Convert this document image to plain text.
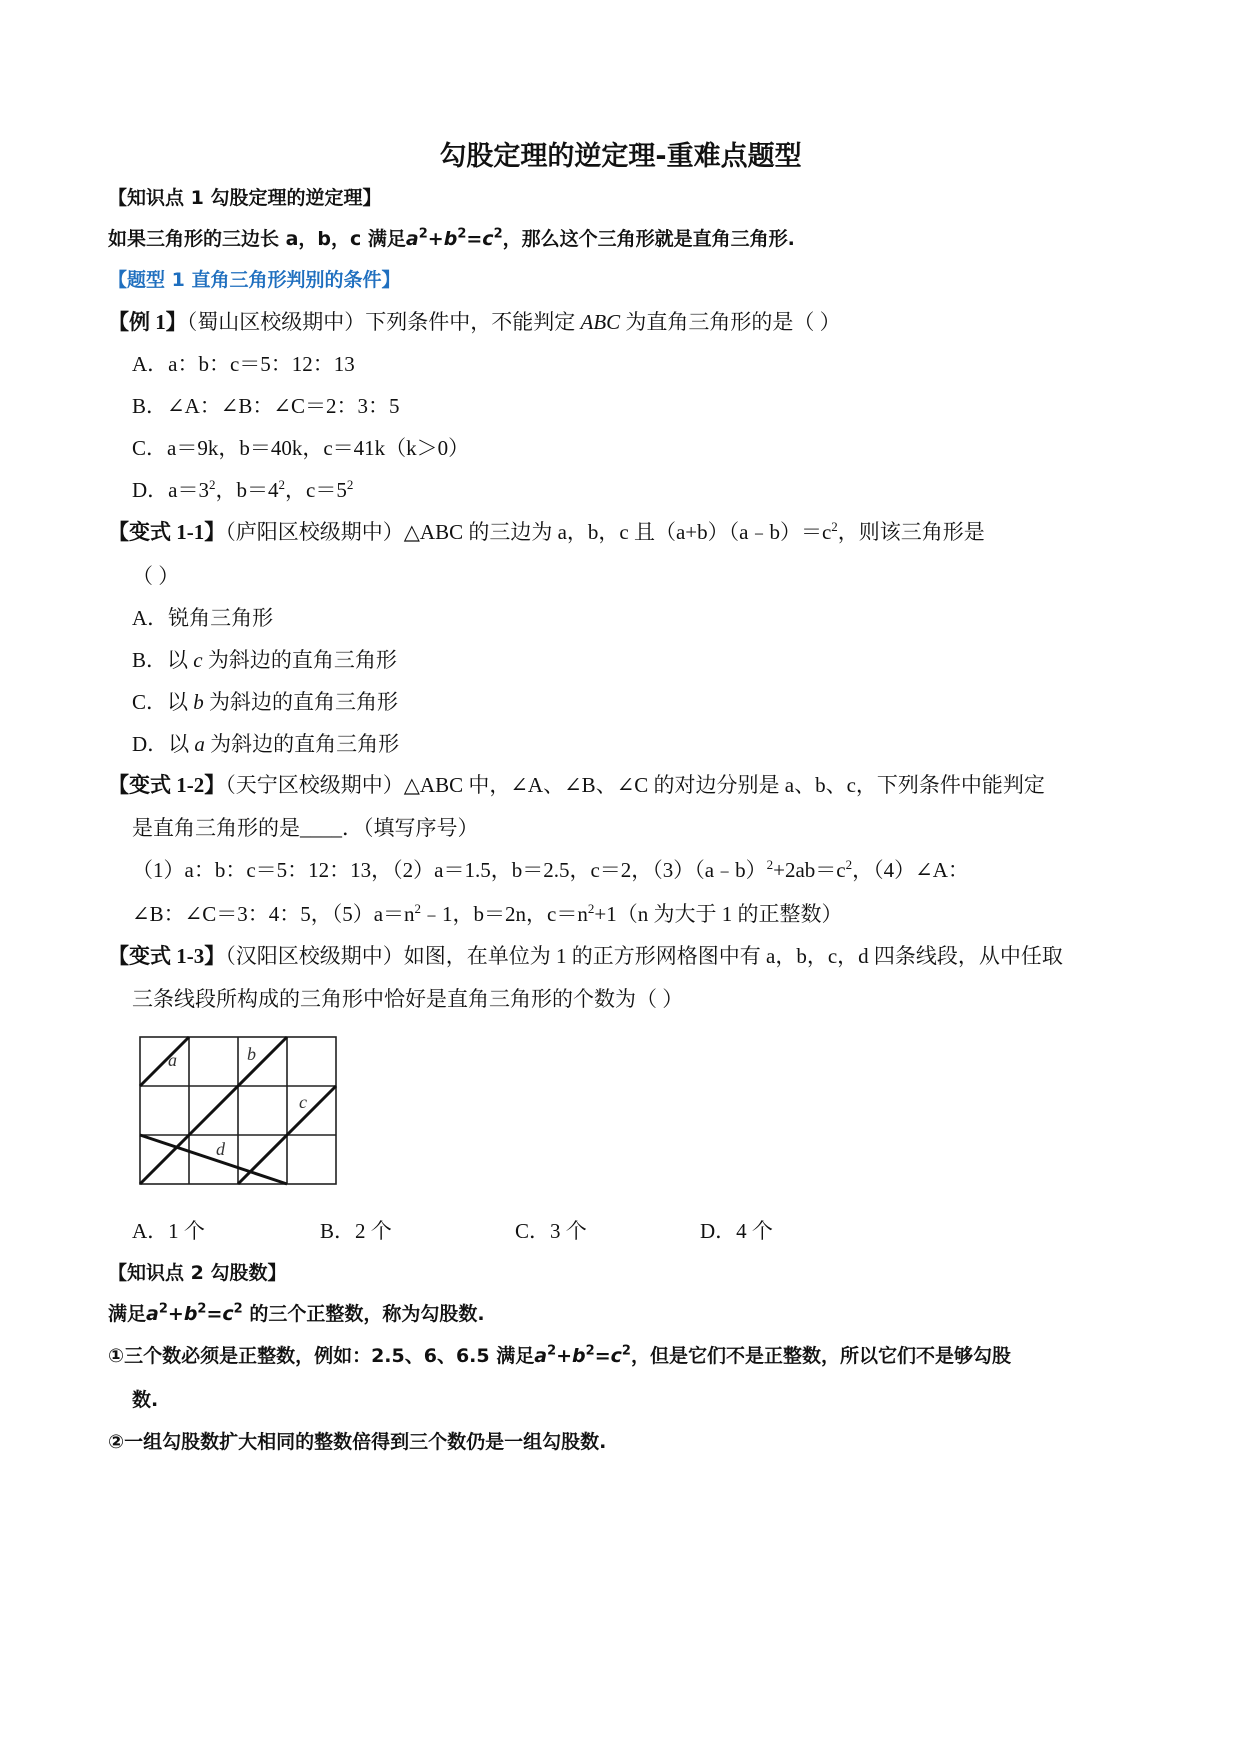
勾股定理的逆定理-重难点题型
【知识点 1 勾股定理的逆定理】
如果三角形的三边长 a，b，c 满足$a^2+b^2=c^2$，那么这个三角形就是直角三角形.
【题型 1 直角三角形判别的条件】
【例 1】（蜀山区校级期中）下列条件中，不能判定 ABC 为直角三角形的是（ ）
A．a：b：c＝5：12：13
B．∠A：∠B：∠C＝2：3：5
C．a＝9k，b＝40k，c＝41k（k＞0）
D．$a=3^2$，$b=4^2$，$c=5^2$
【变式 1-1】（庐阳区校级期中）△ABC 的三边为 a，b，c 且$(a+b)(a﹣b)=c^2$，则该三角形是
（ ）
A．锐角三角形
B．以 c 为斜边的直角三角形
C．以 b 为斜边的直角三角形
D．以 a 为斜边的直角三角形
【变式 1-2】（天宁区校级期中）△ABC 中，∠A、∠B、∠C 的对边分别是 a、b、c，下列条件中能判定
是直角三角形的是____．（填写序号）
（1）a：b：c＝5：12：13，（2）a＝1.5，b＝2.5，c＝2，$(3)(a﹣b)^2+2ab=c^2$，（4）∠A：
∠B：∠C＝3：4：5，$(5)a=n^2﹣1$，b＝2n，$c=n^2+1(n$ 为大于 1 的正整数）
【变式 1-3】（汉阳区校级期中）如图，在单位为 1 的正方形网格图中有 a，b，c，d 四条线段，从中任取
三条线段所构成的三角形中恰好是直角三角形的个数为（ ）
a	b
c
d
A．1 个	B．2 个	C．3 个	D．4 个
【知识点 2 勾股数】
满足$a^2+b^2=c^2$ 的三个正整数，称为勾股数.
①三个数必须是正整数，例如：2.5、6、6.5 满足$a^2+b^2=c^2$，但是它们不是正整数，所以它们不是够勾股
数.
②一组勾股数扩大相同的整数倍得到三个数仍是一组勾股数.
